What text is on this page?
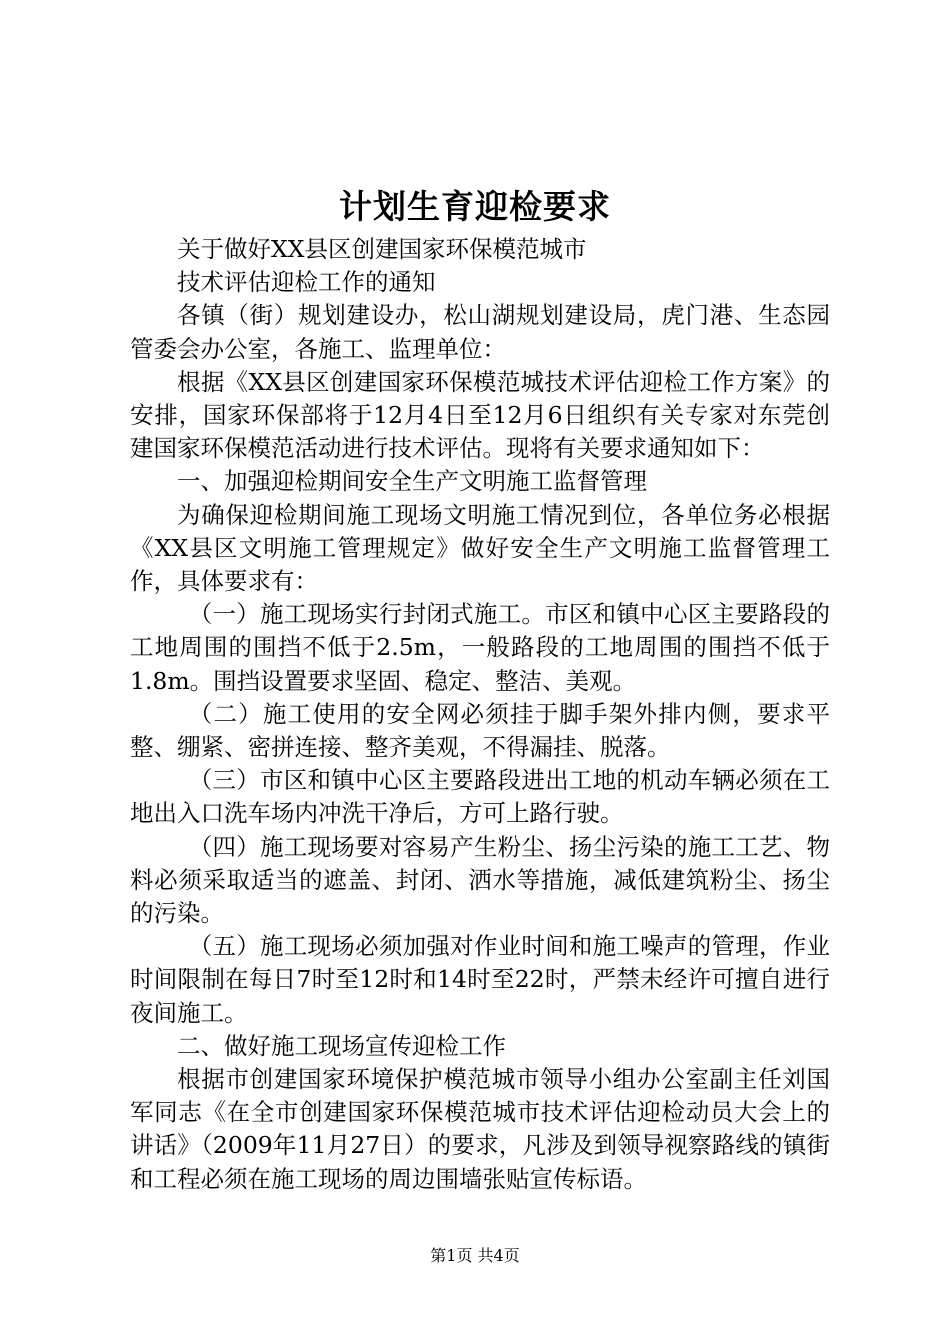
计划生育迎检要求

关于做好XX县区创建国家环保模范城市

技术评估迎检工作的通知

各镇（街）规划建设办，松山湖规划建设局，虎门港、生态园管委会办公室，各施工、监理单位：

根据《XX县区创建国家环保模范城技术评估迎检工作方案》的安排，国家环保部将于12月4日至12月6日组织有关专家对东莞创建国家环保模范活动进行技术评估。现将有关要求通知如下：

一、加强迎检期间安全生产文明施工监督管理

为确保迎检期间施工现场文明施工情况到位，各单位务必根据《XX县区文明施工管理规定》做好安全生产文明施工监督管理工作，具体要求有：

（一）施工现场实行封闭式施工。市区和镇中心区主要路段的工地周围的围挡不低于2.5m，一般路段的工地周围的围挡不低于1.8m。围挡设置要求坚固、稳定、整洁、美观。

（二）施工使用的安全网必须挂于脚手架外排内侧，要求平整、绷紧、密拼连接、整齐美观，不得漏挂、脱落。

（三）市区和镇中心区主要路段进出工地的机动车辆必须在工地出入口洗车场内冲洗干净后，方可上路行驶。

（四）施工现场要对容易产生粉尘、扬尘污染的施工工艺、物料必须采取适当的遮盖、封闭、洒水等措施，减低建筑粉尘、扬尘的污染。

（五）施工现场必须加强对作业时间和施工噪声的管理，作业时间限制在每日7时至12时和14时至22时，严禁未经许可擅自进行夜间施工。

二、做好施工现场宣传迎检工作

根据市创建国家环境保护模范城市领导小组办公室副主任刘国军同志《在全市创建国家环保模范城市技术评估迎检动员大会上的讲话》（2009年11月27日）的要求，凡涉及到领导视察路线的镇街和工程必须在施工现场的周边围墙张贴宣传标语。

第1页 共4页
